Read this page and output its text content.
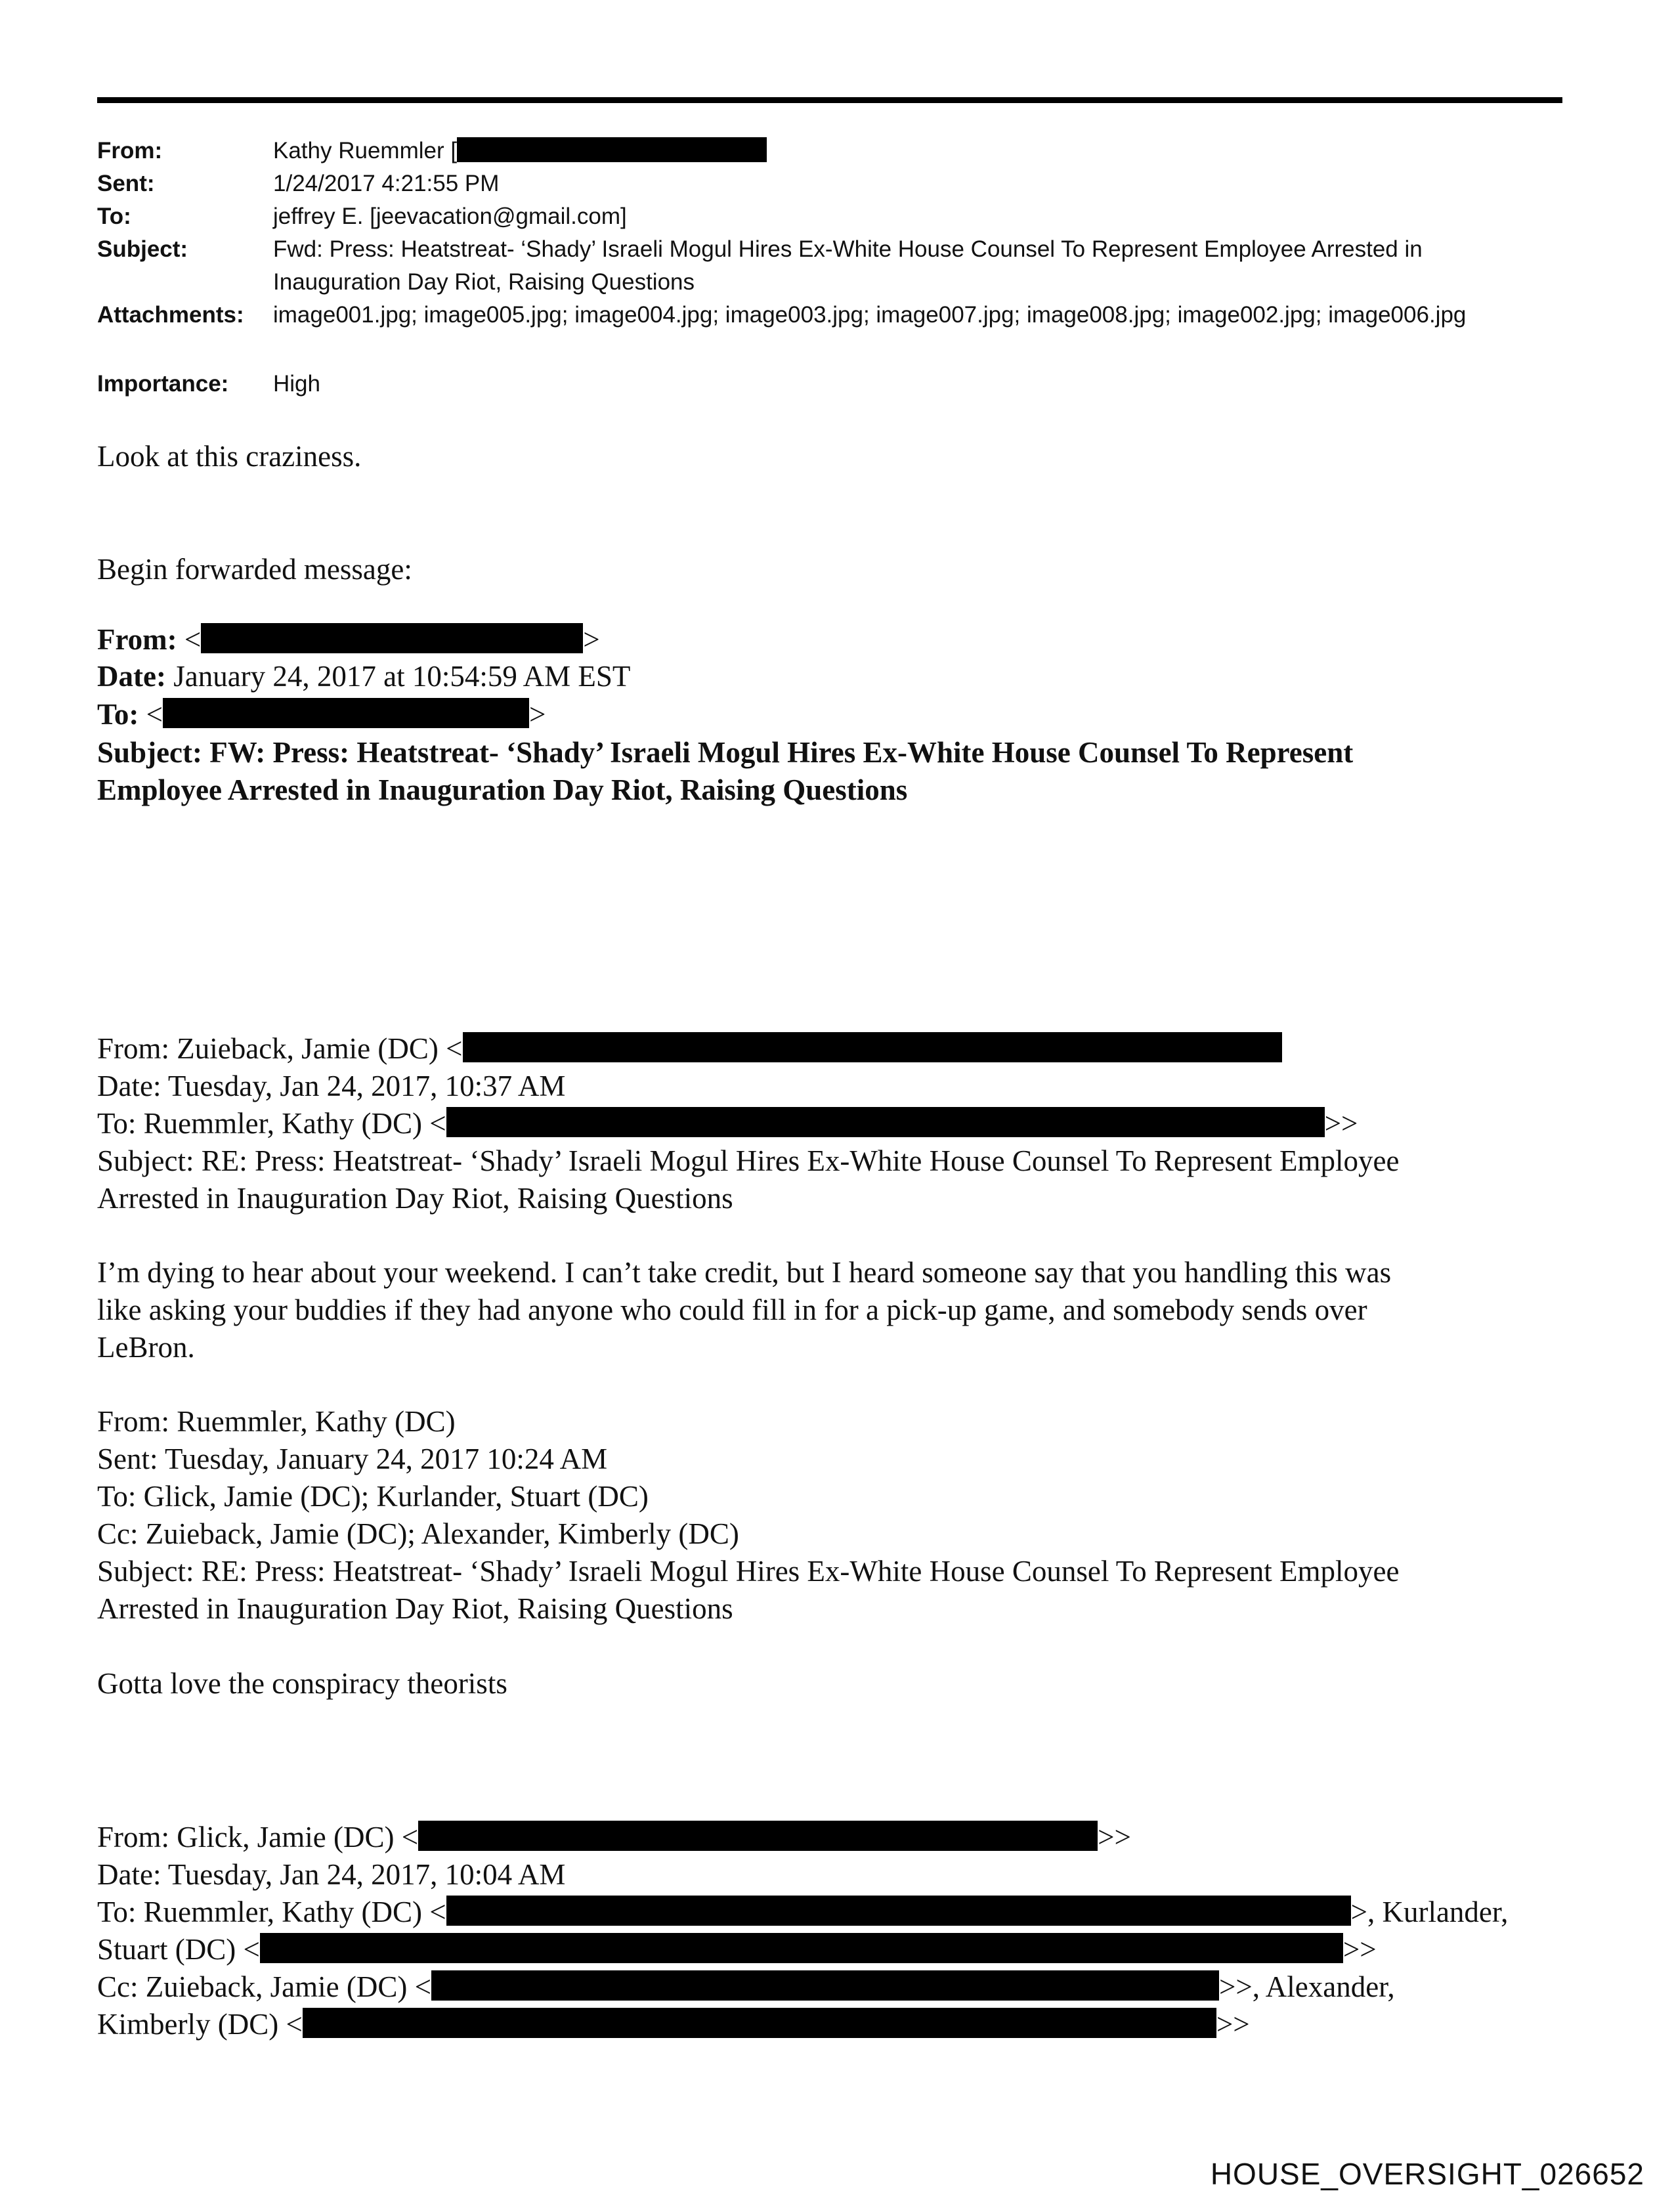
From:	Kathy Ruemmler [
Sent:	1/24/2017 4:21:55 PM
To:	jeffrey E. [jeevacation@gmail.com]
Subject:	Fwd: Press: Heatstreat- ‘Shady’ Israeli Mogul Hires Ex-White House Counsel To Represent Employee Arrested in
Inauguration Day Riot, Raising Questions
Attachments: image001.jpg; image005.jpg; image004.jpg; image003.jpg; image007.jpg; image008.jpg; image002.jpg; image006.jpg
Importance: High
Look at this craziness.
Begin forwarded message:
From: <	>
Date: January 24, 2017 at 10:54:59 AM EST
To: <	>
Subject: FW: Press: Heatstreat- ‘Shady’ Israeli Mogul Hires Ex-White House Counsel To Represent
Employee Arrested in Inauguration Day Riot, Raising Questions
From: Zuieback, Jamie (DC) <
Date: Tuesday, Jan 24, 2017, 10:37 AM
To: Ruemmler, Kathy (DC) <	>>
Subject: RE: Press: Heatstreat- ‘Shady’ Israeli Mogul Hires Ex-White House Counsel To Represent Employee
Arrested in Inauguration Day Riot, Raising Questions
I’m dying to hear about your weekend. I can’t take credit, but I heard someone say that you handling this was
like asking your buddies if they had anyone who could fill in for a pick-up game, and somebody sends over
LeBron.
From: Ruemmler, Kathy (DC)
Sent: Tuesday, January 24, 2017 10:24 AM
To: Glick, Jamie (DC); Kurlander, Stuart (DC)
Cc: Zuieback, Jamie (DC); Alexander, Kimberly (DC)
Subject: RE: Press: Heatstreat- ‘Shady’ Israeli Mogul Hires Ex-White House Counsel To Represent Employee
Arrested in Inauguration Day Riot, Raising Questions
Gotta love the conspiracy theorists
From: Glick, Jamie (DC) <	>>
Date: Tuesday, Jan 24, 2017, 10:04 AM
To: Ruemmler, Kathy (DC) <	>, Kurlander,
Stuart (DC) <	>>
Cc: Zuieback, Jamie (DC) <	>>, Alexander,
Kimberly (DC) <	>>
HOUSE_OVERSIGHT_026652
